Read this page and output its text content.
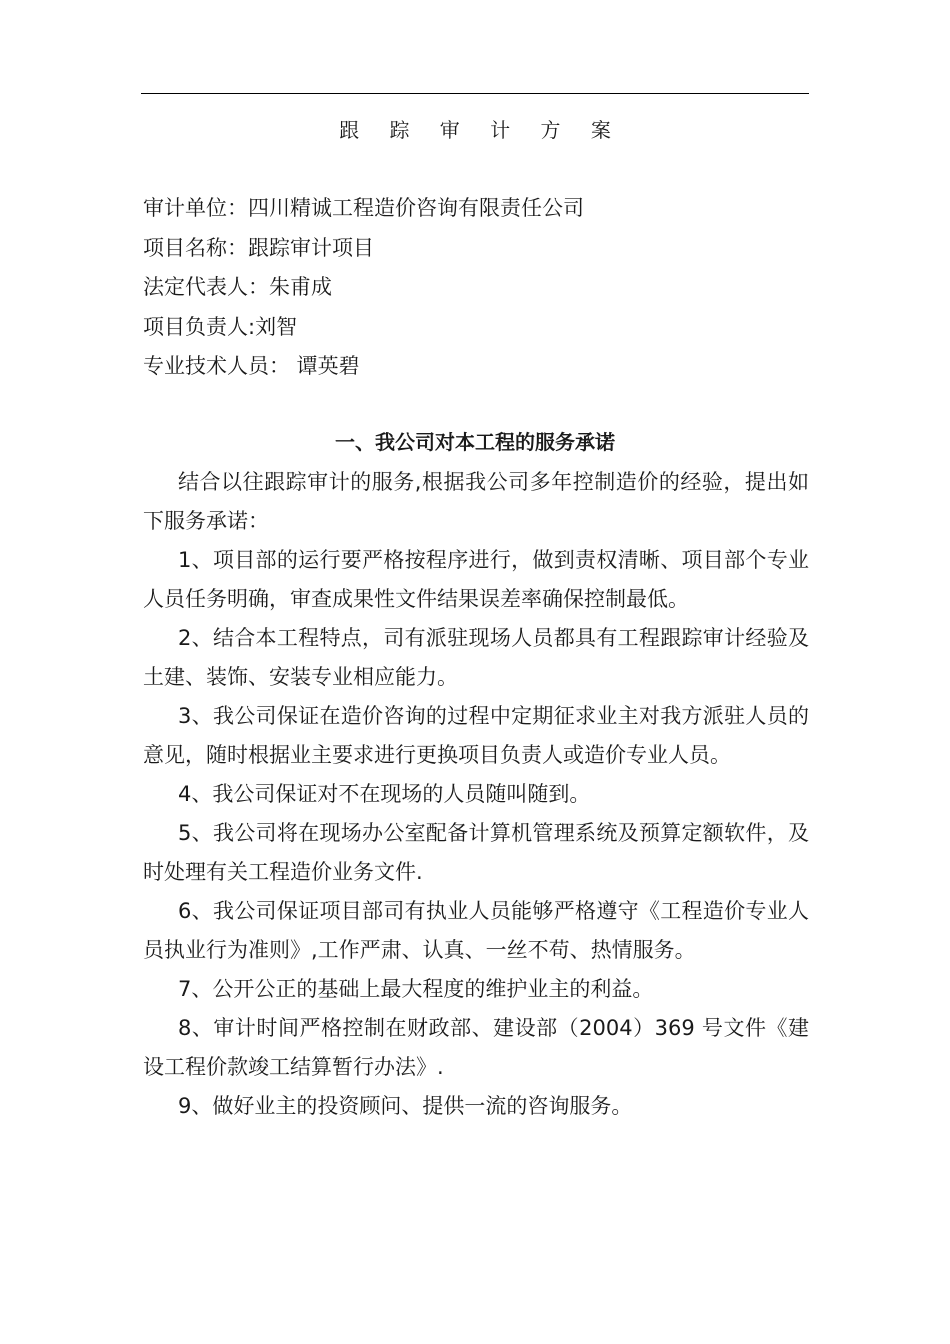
跟 踪 审 计 方 案
审计单位：四川精诚工程造价咨询有限责任公司
项目名称：跟踪审计项目
法定代表人：朱甫成
项目负责人:刘智
专业技术人员： 谭英碧
一、我公司对本工程的服务承诺

结合以往跟踪审计的服务,根据我公司多年控制造价的经验，提出如下服务承诺：

1、项目部的运行要严格按程序进行，做到责权清晰、项目部个专业人员任务明确，审查成果性文件结果误差率确保控制最低。

2、结合本工程特点，司有派驻现场人员都具有工程跟踪审计经验及土建、装饰、安装专业相应能力。

3、我公司保证在造价咨询的过程中定期征求业主对我方派驻人员的意见，随时根据业主要求进行更换项目负责人或造价专业人员。

4、我公司保证对不在现场的人员随叫随到。

5、我公司将在现场办公室配备计算机管理系统及预算定额软件，及时处理有关工程造价业务文件.

6、我公司保证项目部司有执业人员能够严格遵守《工程造价专业人员执业行为准则》,工作严肃、认真、一丝不苟、热情服务。

7、公开公正的基础上最大程度的维护业主的利益。

8、审计时间严格控制在财政部、建设部（2004）369 号文件《建设工程价款竣工结算暂行办法》.

9、做好业主的投资顾问、提供一流的咨询服务。
